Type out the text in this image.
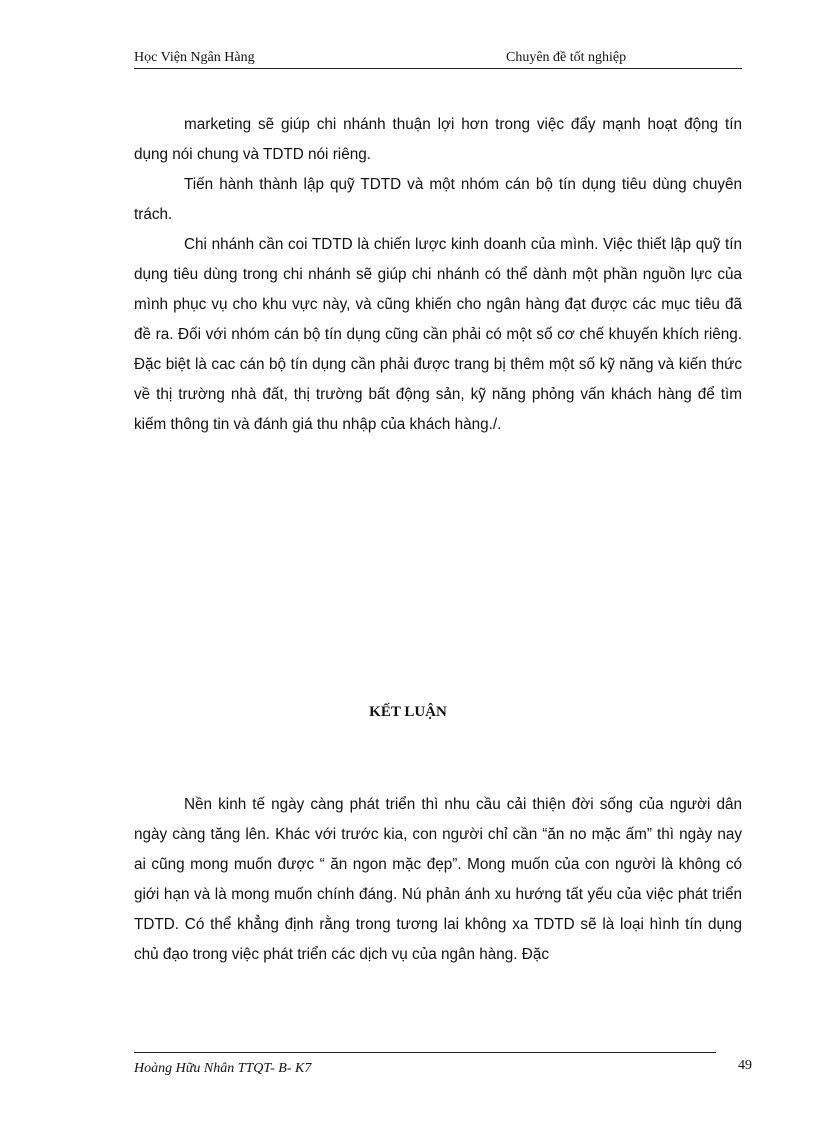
Học Viện Ngân Hàng	Chuyên đề tốt nghiệp

marketing sẽ giúp chi nhánh thuận lợi hơn trong việc đẩy mạnh hoạt động tín dụng nói chung và TDTD nói riêng.

Tiến hành thành lập quỹ TDTD và một nhóm cán bộ tín dụng tiêu dùng chuyên trách.

Chi nhánh cần coi TDTD là chiến lược kinh doanh của mình. Việc thiết lập quỹ tín dụng tiêu dùng trong chi nhánh sẽ giúp chi nhánh có thể dành một phần nguồn lực của mình phục vụ cho khu vực này, và cũng khiến cho ngân hàng đạt được các mục tiêu đã đề ra. Đối với nhóm cán bộ tín dụng cũng cần phải có một số cơ chế khuyến khích riêng. Đặc biệt là cac cán bộ tín dụng cần phải được trang bị thêm một số kỹ năng và kiến thức về thị trường nhà đất, thị trường bất động sản, kỹ năng phỏng vấn khách hàng để tìm kiếm thông tin và đánh giá thu nhập của khách hàng./.

KẾT LUẬN

Nền kinh tế ngày càng phát triển thì nhu cầu cải thiện đời sống của người dân ngày càng tăng lên. Khác với trước kia, con người chỉ cần “ăn no mặc ấm” thì ngày nay ai cũng mong muốn được “ ăn ngon mặc đẹp”. Mong muốn của con người là không có giới hạn và là mong muốn chính đáng. Nú phản ánh xu hướng tất yếu của việc phát triển TDTD. Có thể khẳng định rằng trong tương lai không xa TDTD sẽ là loại hình tín dụng chủ đạo trong việc phát triển các dịch vụ của ngân hàng. Đặc

Hoàng Hữu Nhân TTQT- B- K7	49
